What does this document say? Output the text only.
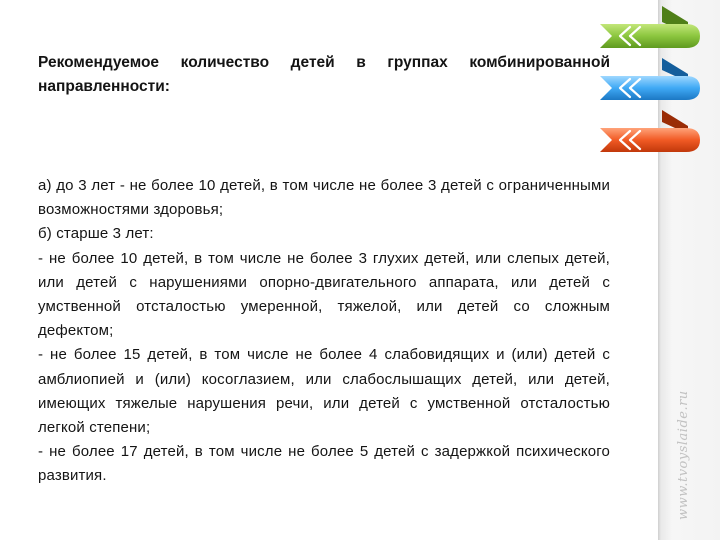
www.tvoyslaide.ru

Рекомендуемое количество детей в группах комбинированной направленности:

а) до 3 лет - не более 10 детей, в том числе не более 3 детей с ограниченными возможностями здоровья;

б) старше 3 лет:

- не более 10 детей, в том числе не более 3 глухих детей, или слепых детей, или детей с нарушениями опорно-двигательного аппарата, или детей с умственной отсталостью умеренной, тяжелой, или детей со сложным дефектом;

- не более 15 детей, в том числе не более 4 слабовидящих и (или) детей с амблиопией и (или) косоглазием, или слабослышащих детей, или детей, имеющих тяжелые нарушения речи, или детей с умственной отсталостью легкой степени;

- не более 17 детей, в том числе не более 5 детей с задержкой психического развития.
